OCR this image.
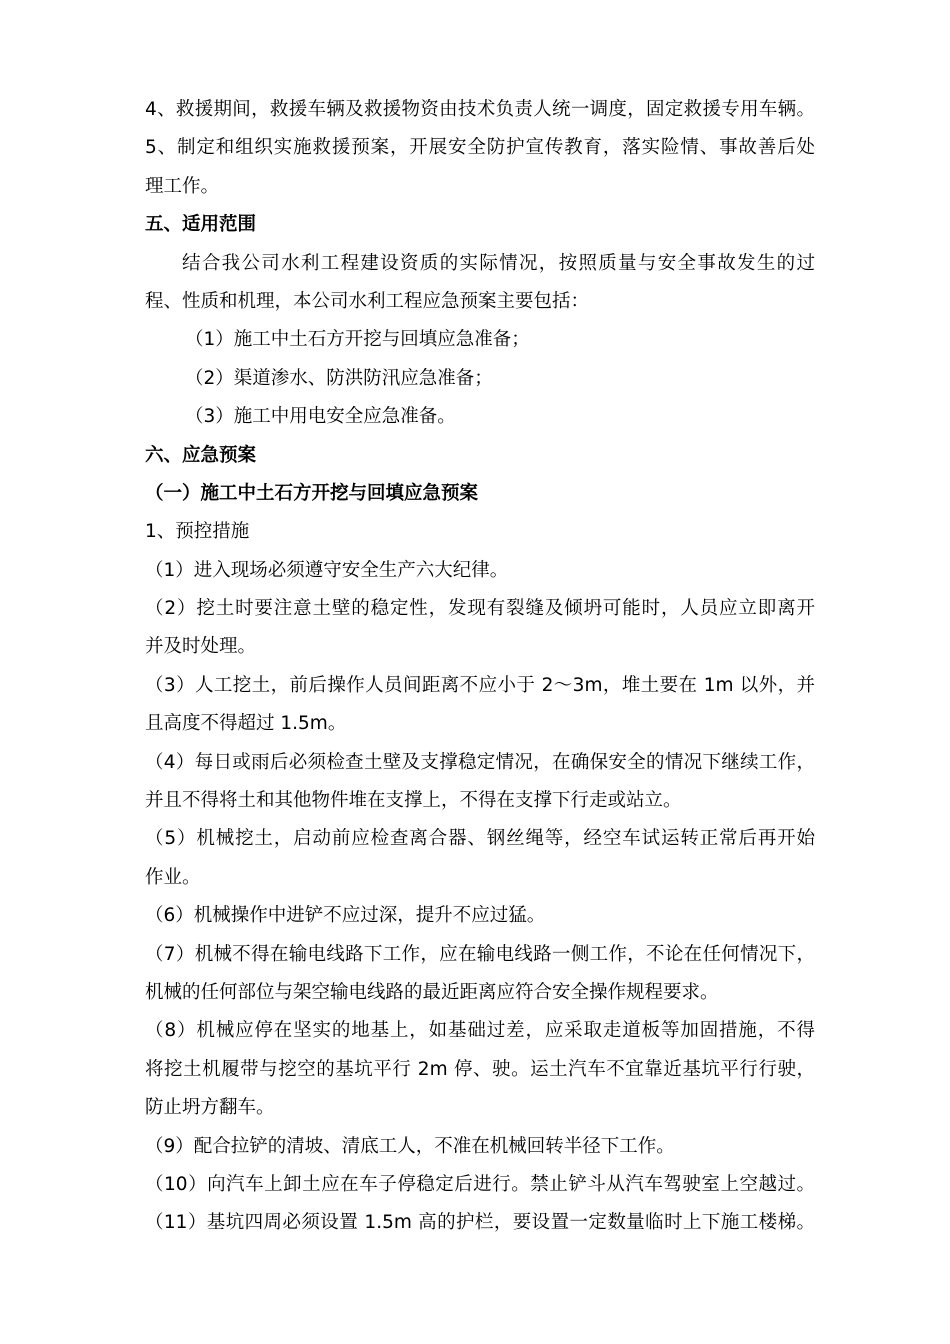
4、救援期间，救援车辆及救援物资由技术负责人统一调度，固定救援专用车辆。
5、制定和组织实施救援预案，开展安全防护宣传教育，落实险情、事故善后处
理工作。
五、适用范围
结合我公司水利工程建设资质的实际情况，按照质量与安全事故发生的过
程、性质和机理，本公司水利工程应急预案主要包括：
（1）施工中土石方开挖与回填应急准备；
（2）渠道渗水、防洪防汛应急准备；
（3）施工中用电安全应急准备。
六、应急预案
（一）施工中土石方开挖与回填应急预案
1、预控措施
（1）进入现场必须遵守安全生产六大纪律。
（2）挖土时要注意土壁的稳定性，发现有裂缝及倾坍可能时，人员应立即离开
并及时处理。
（3）人工挖土，前后操作人员间距离不应小于 2～3m，堆土要在 1m 以外，并
且高度不得超过 1.5m。
（4）每日或雨后必须检查土壁及支撑稳定情况，在确保安全的情况下继续工作，
并且不得将土和其他物件堆在支撑上，不得在支撑下行走或站立。
（5）机械挖土，启动前应检查离合器、钢丝绳等，经空车试运转正常后再开始
作业。
（6）机械操作中进铲不应过深，提升不应过猛。
（7）机械不得在输电线路下工作，应在输电线路一侧工作，不论在任何情况下，
机械的任何部位与架空输电线路的最近距离应符合安全操作规程要求。
（8）机械应停在坚实的地基上，如基础过差，应采取走道板等加固措施，不得
将挖土机履带与挖空的基坑平行 2m 停、驶。运土汽车不宜靠近基坑平行行驶，
防止坍方翻车。
（9）配合拉铲的清坡、清底工人，不准在机械回转半径下工作。
（10）向汽车上卸土应在车子停稳定后进行。禁止铲斗从汽车驾驶室上空越过。
（11）基坑四周必须设置 1.5m 高的护栏，要设置一定数量临时上下施工楼梯。
